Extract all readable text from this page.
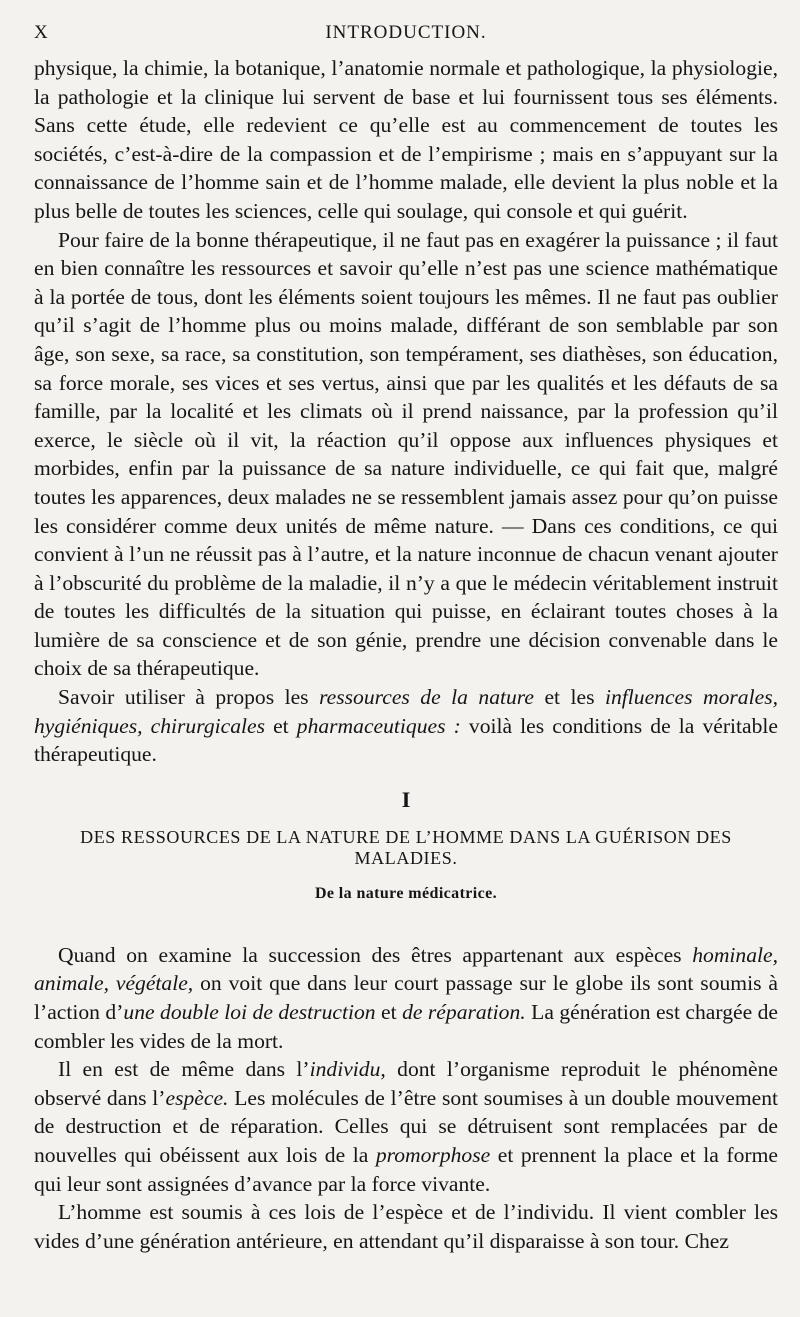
X	INTRODUCTION.

physique, la chimie, la botanique, l’anatomie normale et pathologique, la physiologie, la pathologie et la clinique lui servent de base et lui fournissent tous ses éléments. Sans cette étude, elle redevient ce qu’elle est au commencement de toutes les sociétés, c’est-à-dire de la compassion et de l’empirisme ; mais en s’appuyant sur la connaissance de l’homme sain et de l’homme malade, elle devient la plus noble et la plus belle de toutes les sciences, celle qui soulage, qui console et qui guérit.

Pour faire de la bonne thérapeutique, il ne faut pas en exagérer la puissance ; il faut en bien connaître les ressources et savoir qu’elle n’est pas une science mathématique à la portée de tous, dont les éléments soient toujours les mêmes. Il ne faut pas oublier qu’il s’agit de l’homme plus ou moins malade, différant de son semblable par son âge, son sexe, sa race, sa constitution, son tempérament, ses diathèses, son éducation, sa force morale, ses vices et ses vertus, ainsi que par les qualités et les défauts de sa famille, par la localité et les climats où il prend naissance, par la profession qu’il exerce, le siècle où il vit, la réaction qu’il oppose aux influences physiques et morbides, enfin par la puissance de sa nature individuelle, ce qui fait que, malgré toutes les apparences, deux malades ne se ressemblent jamais assez pour qu’on puisse les considérer comme deux unités de même nature. — Dans ces conditions, ce qui convient à l’un ne réussit pas à l’autre, et la nature inconnue de chacun venant ajouter à l’obscurité du problème de la maladie, il n’y a que le médecin véritablement instruit de toutes les difficultés de la situation qui puisse, en éclairant toutes choses à la lumière de sa conscience et de son génie, prendre une décision convenable dans le choix de sa thérapeutique.

Savoir utiliser à propos les ressources de la nature et les influences morales, hygiéniques, chirurgicales et pharmaceutiques : voilà les conditions de la véritable thérapeutique.

I
DES RESSOURCES DE LA NATURE DE L’HOMME DANS LA GUÉRISON DES MALADIES.
De la nature médicatrice.

Quand on examine la succession des êtres appartenant aux espèces hominale, animale, végétale, on voit que dans leur court passage sur le globe ils sont soumis à l’action d’une double loi de destruction et de réparation. La génération est chargée de combler les vides de la mort.

Il en est de même dans l’individu, dont l’organisme reproduit le phénomène observé dans l’espèce. Les molécules de l’être sont soumises à un double mouvement de destruction et de réparation. Celles qui se détruisent sont remplacées par de nouvelles qui obéissent aux lois de la promorphose et prennent la place et la forme qui leur sont assignées d’avance par la force vivante.

L’homme est soumis à ces lois de l’espèce et de l’individu. Il vient combler les vides d’une génération antérieure, en attendant qu’il disparaisse à son tour. Chez
